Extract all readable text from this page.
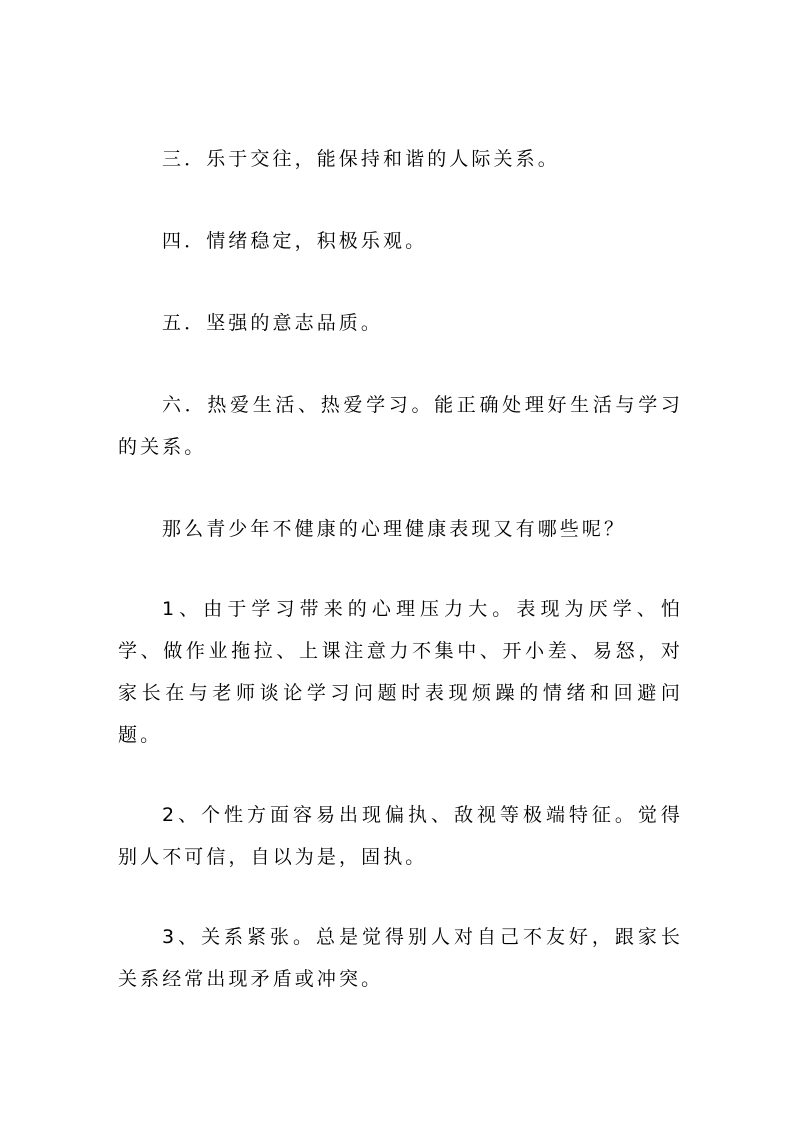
三．乐于交往，能保持和谐的人际关系。

四．情绪稳定，积极乐观。

五．坚强的意志品质。

六．热爱生活、热爱学习。能正确处理好生活与学习的关系。

那么青少年不健康的心理健康表现又有哪些呢？

1、由于学习带来的心理压力大。表现为厌学、怕学、做作业拖拉、上课注意力不集中、开小差、易怒，对家长在与老师谈论学习问题时表现烦躁的情绪和回避问题。

2、个性方面容易出现偏执、敌视等极端特征。觉得别人不可信，自以为是，固执。

3、关系紧张。总是觉得别人对自己不友好，跟家长关系经常出现矛盾或冲突。
